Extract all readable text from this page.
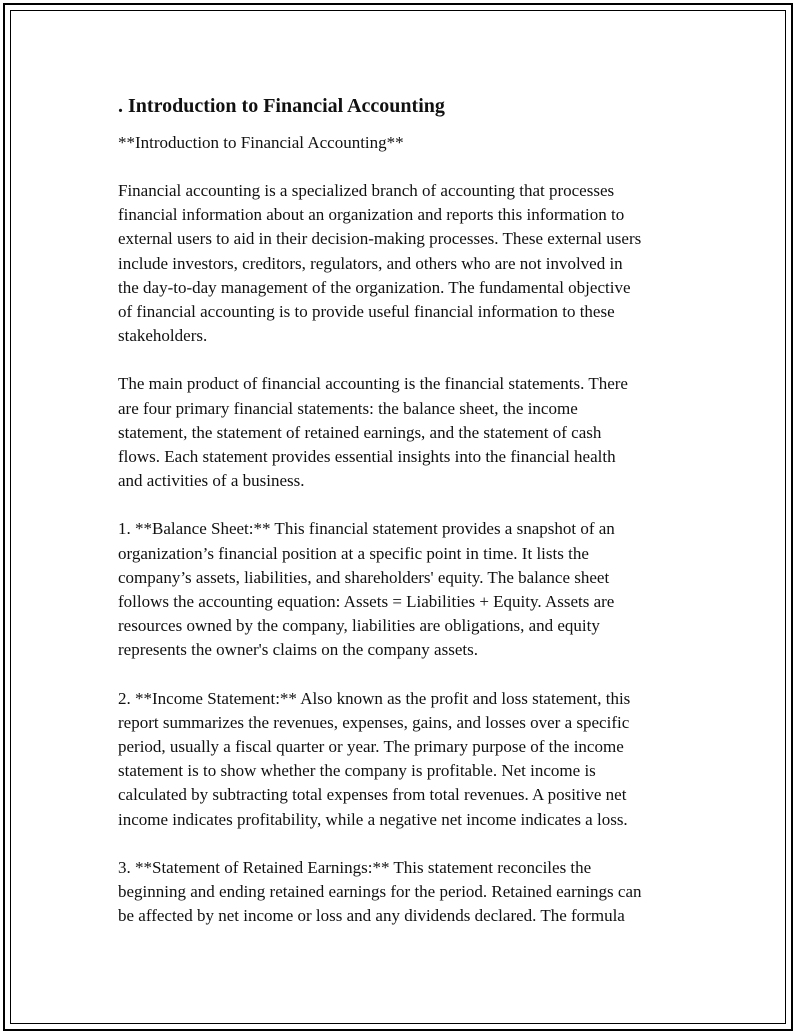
. Introduction to Financial Accounting
**Introduction to Financial Accounting**
Financial accounting is a specialized branch of accounting that processes
financial information about an organization and reports this information to
external users to aid in their decision-making processes. These external users
include investors, creditors, regulators, and others who are not involved in
the day-to-day management of the organization. The fundamental objective
of financial accounting is to provide useful financial information to these
stakeholders.
The main product of financial accounting is the financial statements. There
are four primary financial statements: the balance sheet, the income
statement, the statement of retained earnings, and the statement of cash
flows. Each statement provides essential insights into the financial health
and activities of a business.
1. **Balance Sheet:** This financial statement provides a snapshot of an
organization’s financial position at a specific point in time. It lists the
company’s assets, liabilities, and shareholders' equity. The balance sheet
follows the accounting equation: Assets = Liabilities + Equity. Assets are
resources owned by the company, liabilities are obligations, and equity
represents the owner's claims on the company assets.
2. **Income Statement:** Also known as the profit and loss statement, this
report summarizes the revenues, expenses, gains, and losses over a specific
period, usually a fiscal quarter or year. The primary purpose of the income
statement is to show whether the company is profitable. Net income is
calculated by subtracting total expenses from total revenues. A positive net
income indicates profitability, while a negative net income indicates a loss.
3. **Statement of Retained Earnings:** This statement reconciles the
beginning and ending retained earnings for the period. Retained earnings can
be affected by net income or loss and any dividends declared. The formula
